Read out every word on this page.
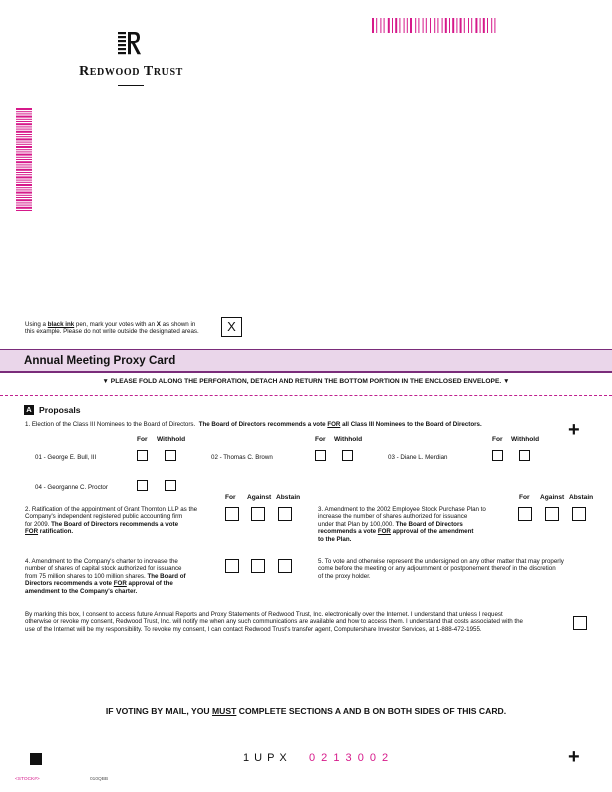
Redwood Trust
Using a black ink pen, mark your votes with an X as shown in
this example. Please do not write outside the designated areas.	X
Annual Meeting Proxy Card
▼ PLEASE FOLD ALONG THE PERFORATION, DETACH AND RETURN THE BOTTOM PORTION IN THE ENCLOSED ENVELOPE. ▼
A Proposals
1. Election of the Class III Nominees to the Board of Directors. The Board of Directors recommends a vote FOR all Class III Nominees to the Board of Directors.	+
For Withhold	For Withhold	For Withhold
01 - George E. Bull, III	02 - Thomas C. Brown	03 - Diane L. Merdian
04 - Georganne C. Proctor
For Against Abstain	For Against Abstain
2. Ratification of the appointment of Grant Thornton LLP as the
Company's independent registered public accounting firm
for 2009. The Board of Directors recommends a vote
FOR ratification.
3. Amendment to the 2002 Employee Stock Purchase Plan to
increase the number of shares authorized for issuance
under that Plan by 100,000. The Board of Directors
recommends a vote FOR approval of the amendment
to the Plan.
4. Amendment to the Company's charter to increase the
number of shares of capital stock authorized for issuance
from 75 million shares to 100 million shares. The Board of
Directors recommends a vote FOR approval of the
amendment to the Company's charter.
5. To vote and otherwise represent the undersigned on any other matter that may properly
come before the meeting or any adjournment or postponement thereof in the discretion
of the proxy holder.
By marking this box, I consent to access future Annual Reports and Proxy Statements of Redwood Trust, Inc. electronically over the Internet. I understand that unless I request
otherwise or revoke my consent, Redwood Trust, Inc. will notify me when any such communications are available and how to access them. I understand that costs associated with the
use of the Internet will be my responsibility. To revoke my consent, I can contact Redwood Trust's transfer agent, Computershare Investor Services, at 1-888-472-1955.
IF VOTING BY MAIL, YOU MUST COMPLETE SECTIONS A AND B ON BOTH SIDES OF THIS CARD.
1 U P X 0 2 1 3 0 0 2	+
<STOCK#>	010QBB
